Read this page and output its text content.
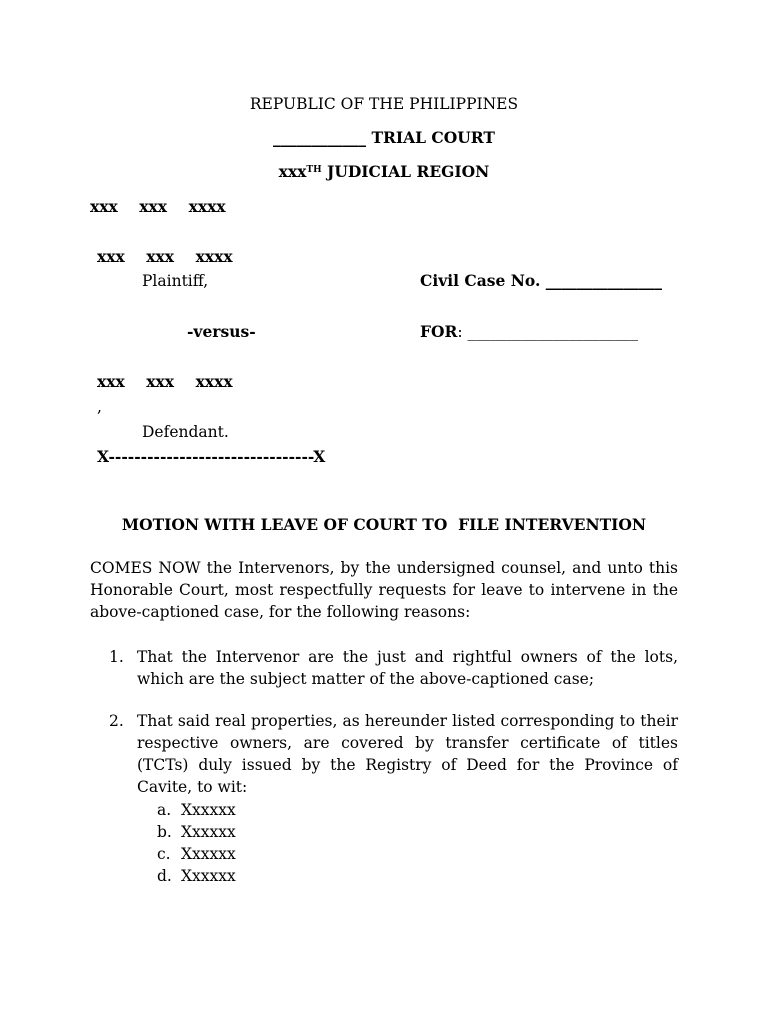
REPUBLIC OF THE PHILIPPINES
____________ TRIAL COURT
xxx$^{TH}$ JUDICIAL REGION
xxx    xxx    xxxx
xxx    xxx    xxxx
Plaintiff,	Civil Case No. _______________
-versus-	FOR: ______________________
xxx    xxx    xxxx
,
Defendant.
X--------------------------------X
MOTION WITH LEAVE OF COURT TO  FILE INTERVENTION
COMES NOW the Intervenors, by the undersigned counsel, and unto this Honorable Court, most respectfully requests for leave to intervene in the above-captioned case, for the following reasons:
1. That the Intervenor are the just and rightful owners of the lots, which are the subject matter of the above-captioned case;
2. That said real properties, as hereunder listed corresponding to their respective owners, are covered by transfer certificate of titles (TCTs) duly issued by the Registry of Deed for the Province of Cavite, to wit:
a. Xxxxxx
b. Xxxxxx
c. Xxxxxx
d. Xxxxxx
